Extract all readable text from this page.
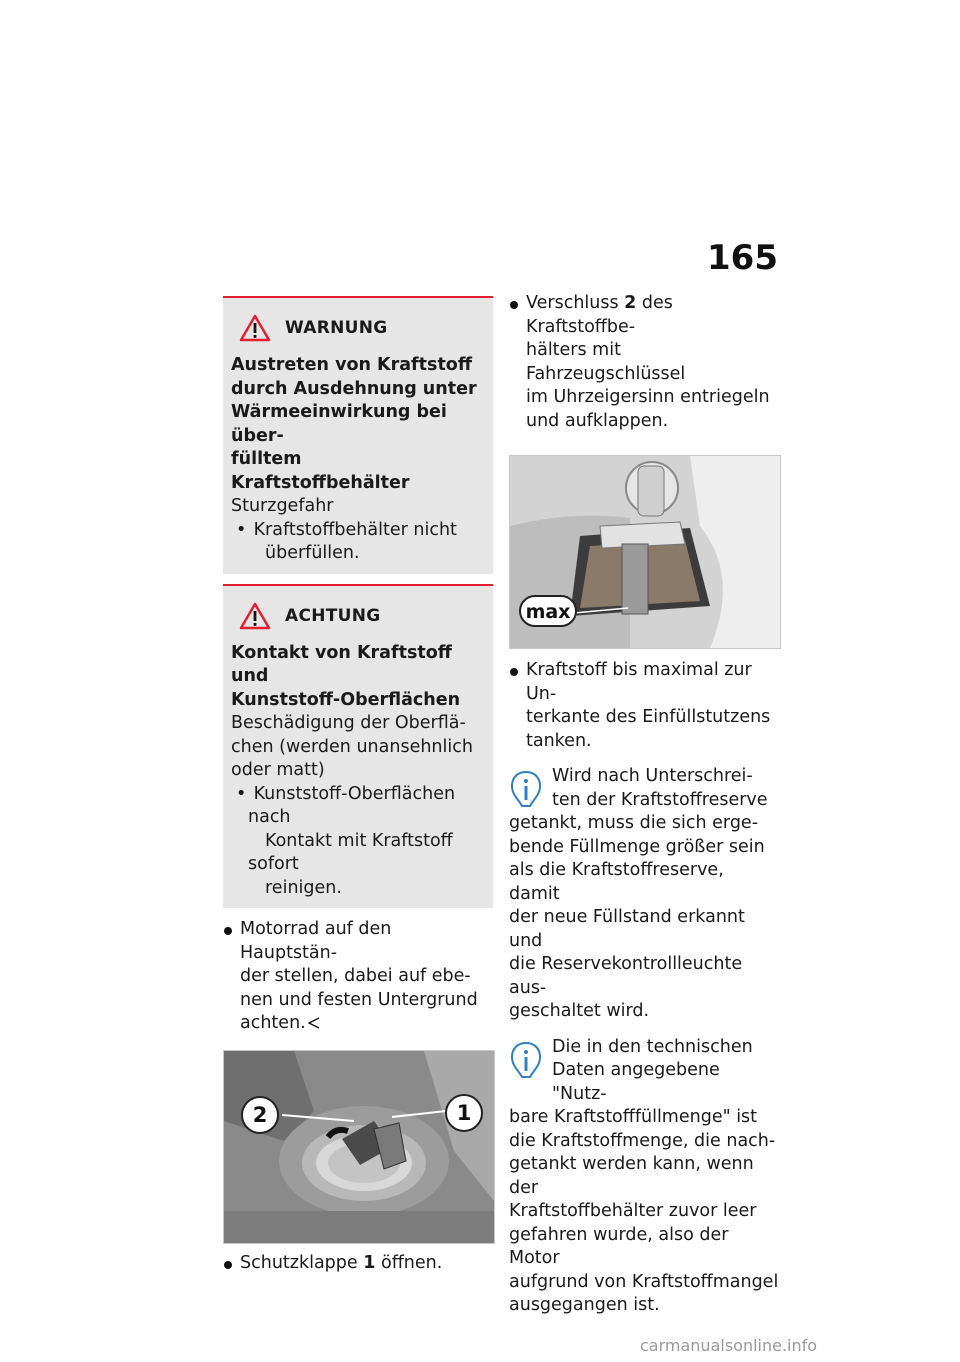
165
WARNUNG
Austreten von Kraftstoff
durch Ausdehnung unter
Wärmeeinwirkung bei über-
fülltem Kraftstoffbehälter
Sturzgefahr
• Kraftstoffbehälter nicht
überfüllen.
ACHTUNG
Kontakt von Kraftstoff und
Kunststoff-Oberflächen
Beschädigung der Oberflä-
chen (werden unansehnlich
oder matt)
• Kunststoff-Oberflächen nach
Kontakt mit Kraftstoff sofort
reinigen.
Motorrad auf den Hauptstän-
der stellen, dabei auf ebe-
nen und festen Untergrund
achten.
2	1
Schutzklappe 1 öffnen.
Verschluss 2 des Kraftstoffbe-
hälters mit Fahrzeugschlüssel
im Uhrzeigersinn entriegeln
und aufklappen.
max
Kraftstoff bis maximal zur Un-
terkante des Einfüllstutzens
tanken.
Wird nach Unterschrei-
ten der Kraftstoffreserve
getankt, muss die sich erge-
bende Füllmenge größer sein
als die Kraftstoffreserve, damit
der neue Füllstand erkannt und
die Reservekontrollleuchte aus-
geschaltet wird.
Die in den technischen
Daten angegebene "Nutz-
bare Kraftstofffüllmenge" ist
die Kraftstoffmenge, die nach-
getankt werden kann, wenn der
Kraftstoffbehälter zuvor leer
gefahren wurde, also der Motor
aufgrund von Kraftstoffmangel
ausgegangen ist.
carmanualsonline.info
